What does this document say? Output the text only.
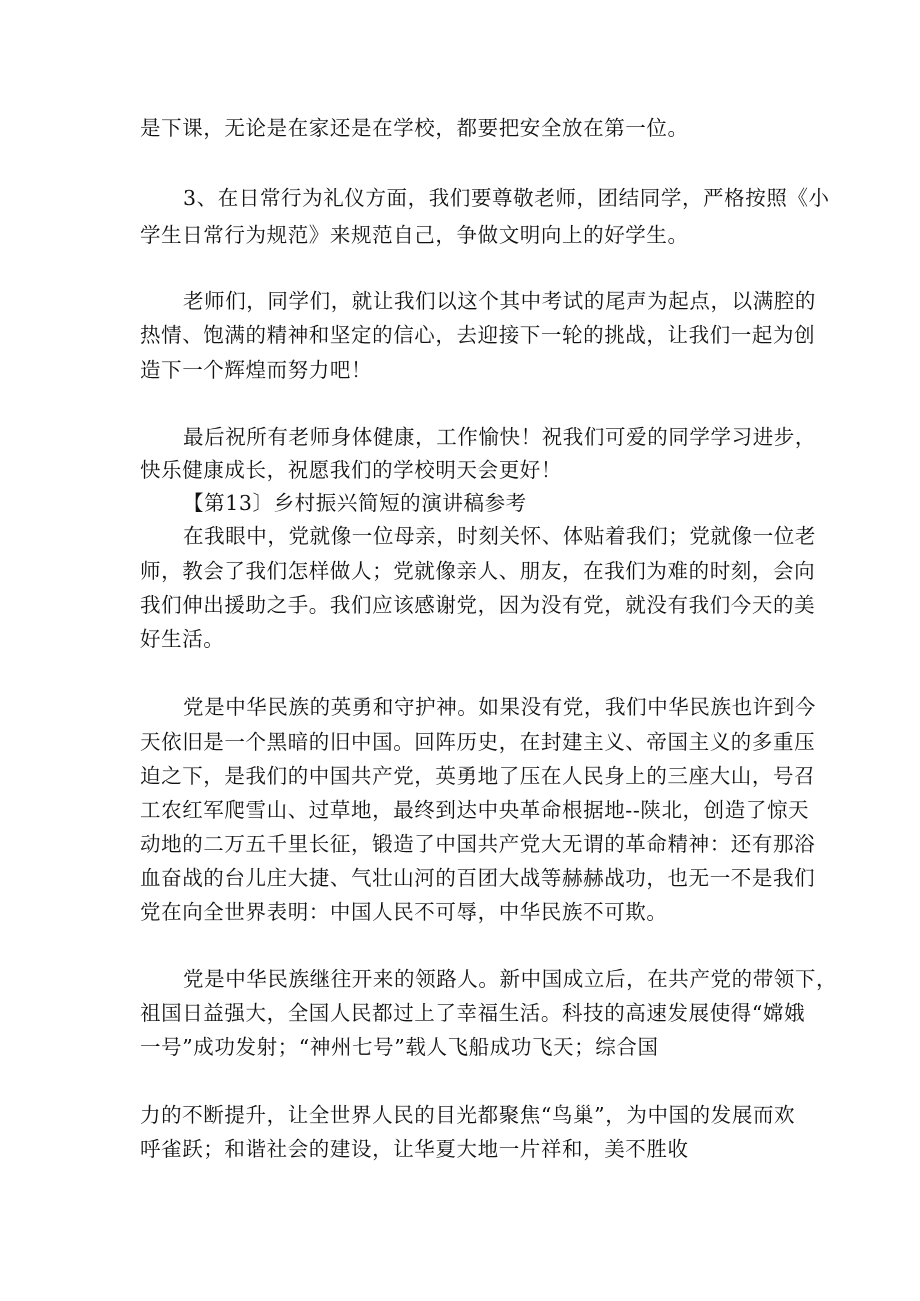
是下课，无论是在家还是在学校，都要把安全放在第一位。
3、在日常行为礼仪方面，我们要尊敬老师，团结同学，严格按照《小
学生日常行为规范》来规范自己，争做文明向上的好学生。
老师们，同学们，就让我们以这个其中考试的尾声为起点，以满腔的
热情、饱满的精神和坚定的信心，去迎接下一轮的挑战，让我们一起为创
造下一个辉煌而努力吧！
最后祝所有老师身体健康，工作愉快！祝我们可爱的同学学习进步，
快乐健康成长，祝愿我们的学校明天会更好！
【第13〕乡村振兴简短的演讲稿参考
在我眼中，党就像一位母亲，时刻关怀、体贴着我们；党就像一位老
师，教会了我们怎样做人；党就像亲人、朋友，在我们为难的时刻，会向
我们伸出援助之手。我们应该感谢党，因为没有党，就没有我们今天的美
好生活。
党是中华民族的英勇和守护神。如果没有党，我们中华民族也许到今
天依旧是一个黑暗的旧中国。回阵历史，在封建主义、帝国主义的多重压
迫之下，是我们的中国共产党，英勇地了压在人民身上的三座大山，号召
工农红军爬雪山、过草地，最终到达中央革命根据地--陕北，创造了惊天
动地的二万五千里长征，锻造了中国共产党大无谓的革命精神：还有那浴
血奋战的台儿庄大捷、气壮山河的百团大战等赫赫战功，也无一不是我们
党在向全世界表明：中国人民不可辱，中华民族不可欺。
党是中华民族继往开来的领路人。新中国成立后，在共产党的带领下，
祖国日益强大，全国人民都过上了幸福生活。科技的高速发展使得“嫦娥
一号”成功发射；“神州七号”载人飞船成功飞天；综合国
力的不断提升，让全世界人民的目光都聚焦“鸟巢”，为中国的发展而欢
呼雀跃；和谐社会的建设，让华夏大地一片祥和，美不胜收
